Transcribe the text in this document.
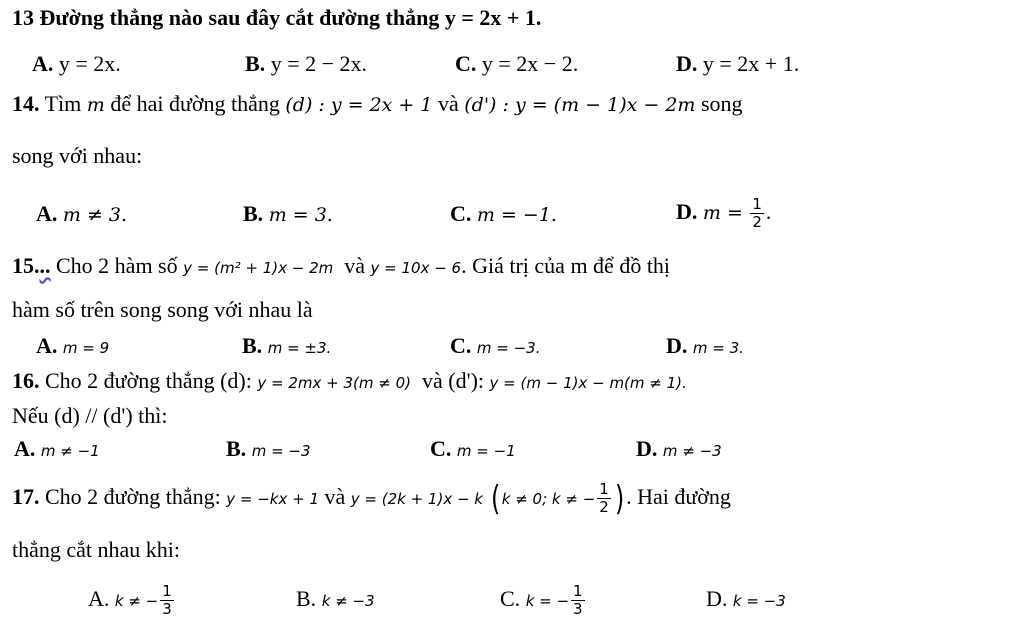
13 Đường thẳng nào sau đây cắt đường thẳng y = 2x + 1.
A. y = 2x.	B. y = 2 − 2x.	C. y = 2x − 2.	D. y = 2x + 1.
14. Tìm m để hai đường thẳng (d) : y = 2x + 1 và (d') : y = (m − 1)x − 2m song
song với nhau:
A. m ≠ 3.	B. m = 3.	C. m = −1.	D. $m = \frac{1}{2}$ .
15... Cho 2 hàm số y = (m² + 1)x − 2m và y = 10x − 6. Giá trị của m để đồ thị
hàm số trên song song với nhau là
A. m = 9	B. m = ±3.	C. m = −3.	D. m = 3.
16. Cho 2 đường thẳng (d): y = 2mx + 3(m ≠ 0) và (d'): y = (m − 1)x − m(m ≠ 1).
Nếu (d) // (d') thì:
A. m ≠ −1	B. m = −3	C. m = −1	D. m ≠ −3
17. Cho 2 đường thẳng: y = −kx + 1 và y = (2k + 1)x − k ( k ≠ 0; k ≠ − $\frac{1}{2}$ ). Hai đường
thẳng cắt nhau khi:
A. k ≠ − $\frac{1}{3}$	B. k ≠ −3	C. k = − $\frac{1}{3}$	D. k = −3
